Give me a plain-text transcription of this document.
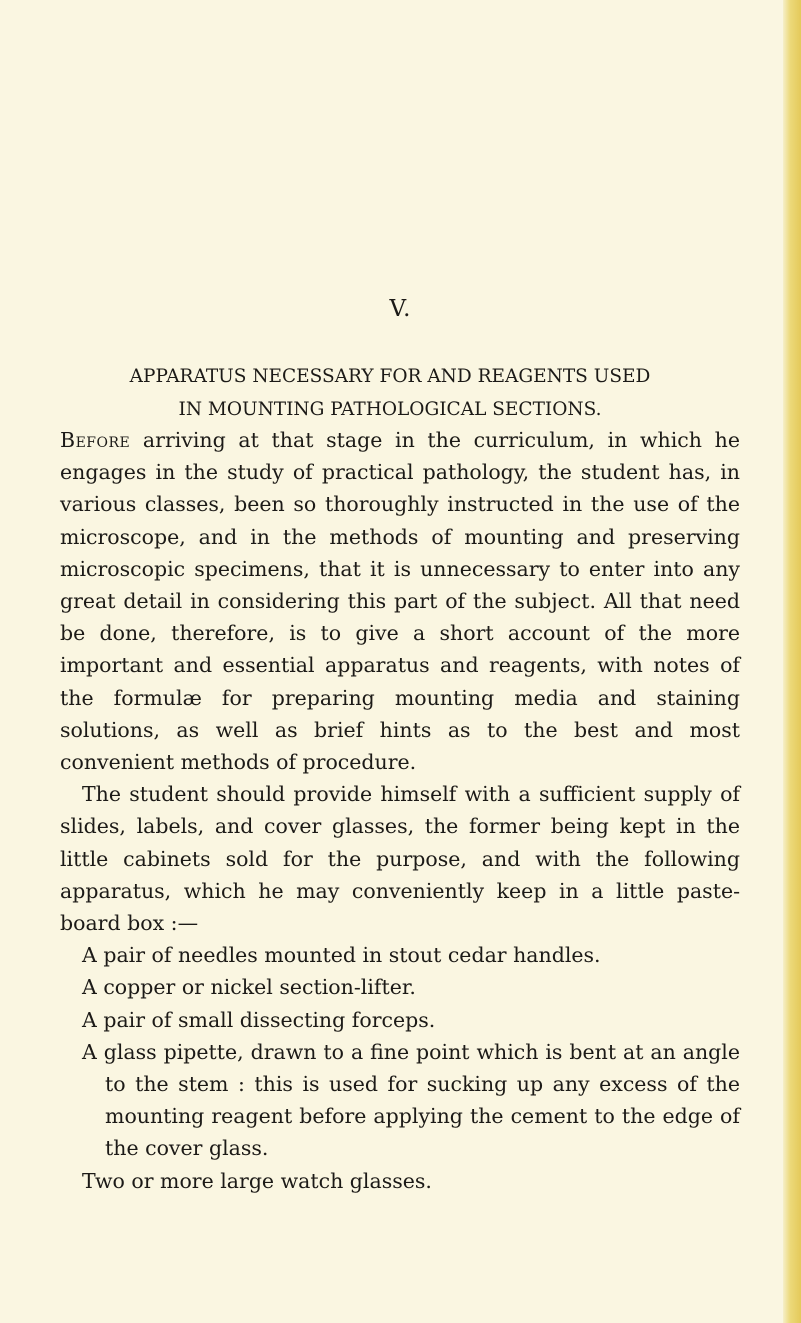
V.
APPARATUS NECESSARY FOR AND REAGENTS USED
IN MOUNTING PATHOLOGICAL SECTIONS.

Before arriving at that stage in the curriculum, in which he engages in the study of practical pathology, the student has, in various classes, been so thoroughly instructed in the use of the microscope, and in the methods of mounting and preserving microscopic specimens, that it is unnecessary to enter into any great detail in considering this part of the subject. All that need be done, therefore, is to give a short account of the more important and essential apparatus and reagents, with notes of the formulæ for preparing mounting media and staining solutions, as well as brief hints as to the best and most convenient methods of procedure.

The student should provide himself with a sufficient supply of slides, labels, and cover glasses, the former being kept in the little cabinets sold for the purpose, and with the following apparatus, which he may conveniently keep in a little paste-board box :—

A pair of needles mounted in stout cedar handles.
A copper or nickel section-lifter.
A pair of small dissecting forceps.
A glass pipette, drawn to a fine point which is bent at an angle to the stem : this is used for sucking up any excess of the mounting reagent before applying the cement to the edge of the cover glass.
Two or more large watch glasses.
